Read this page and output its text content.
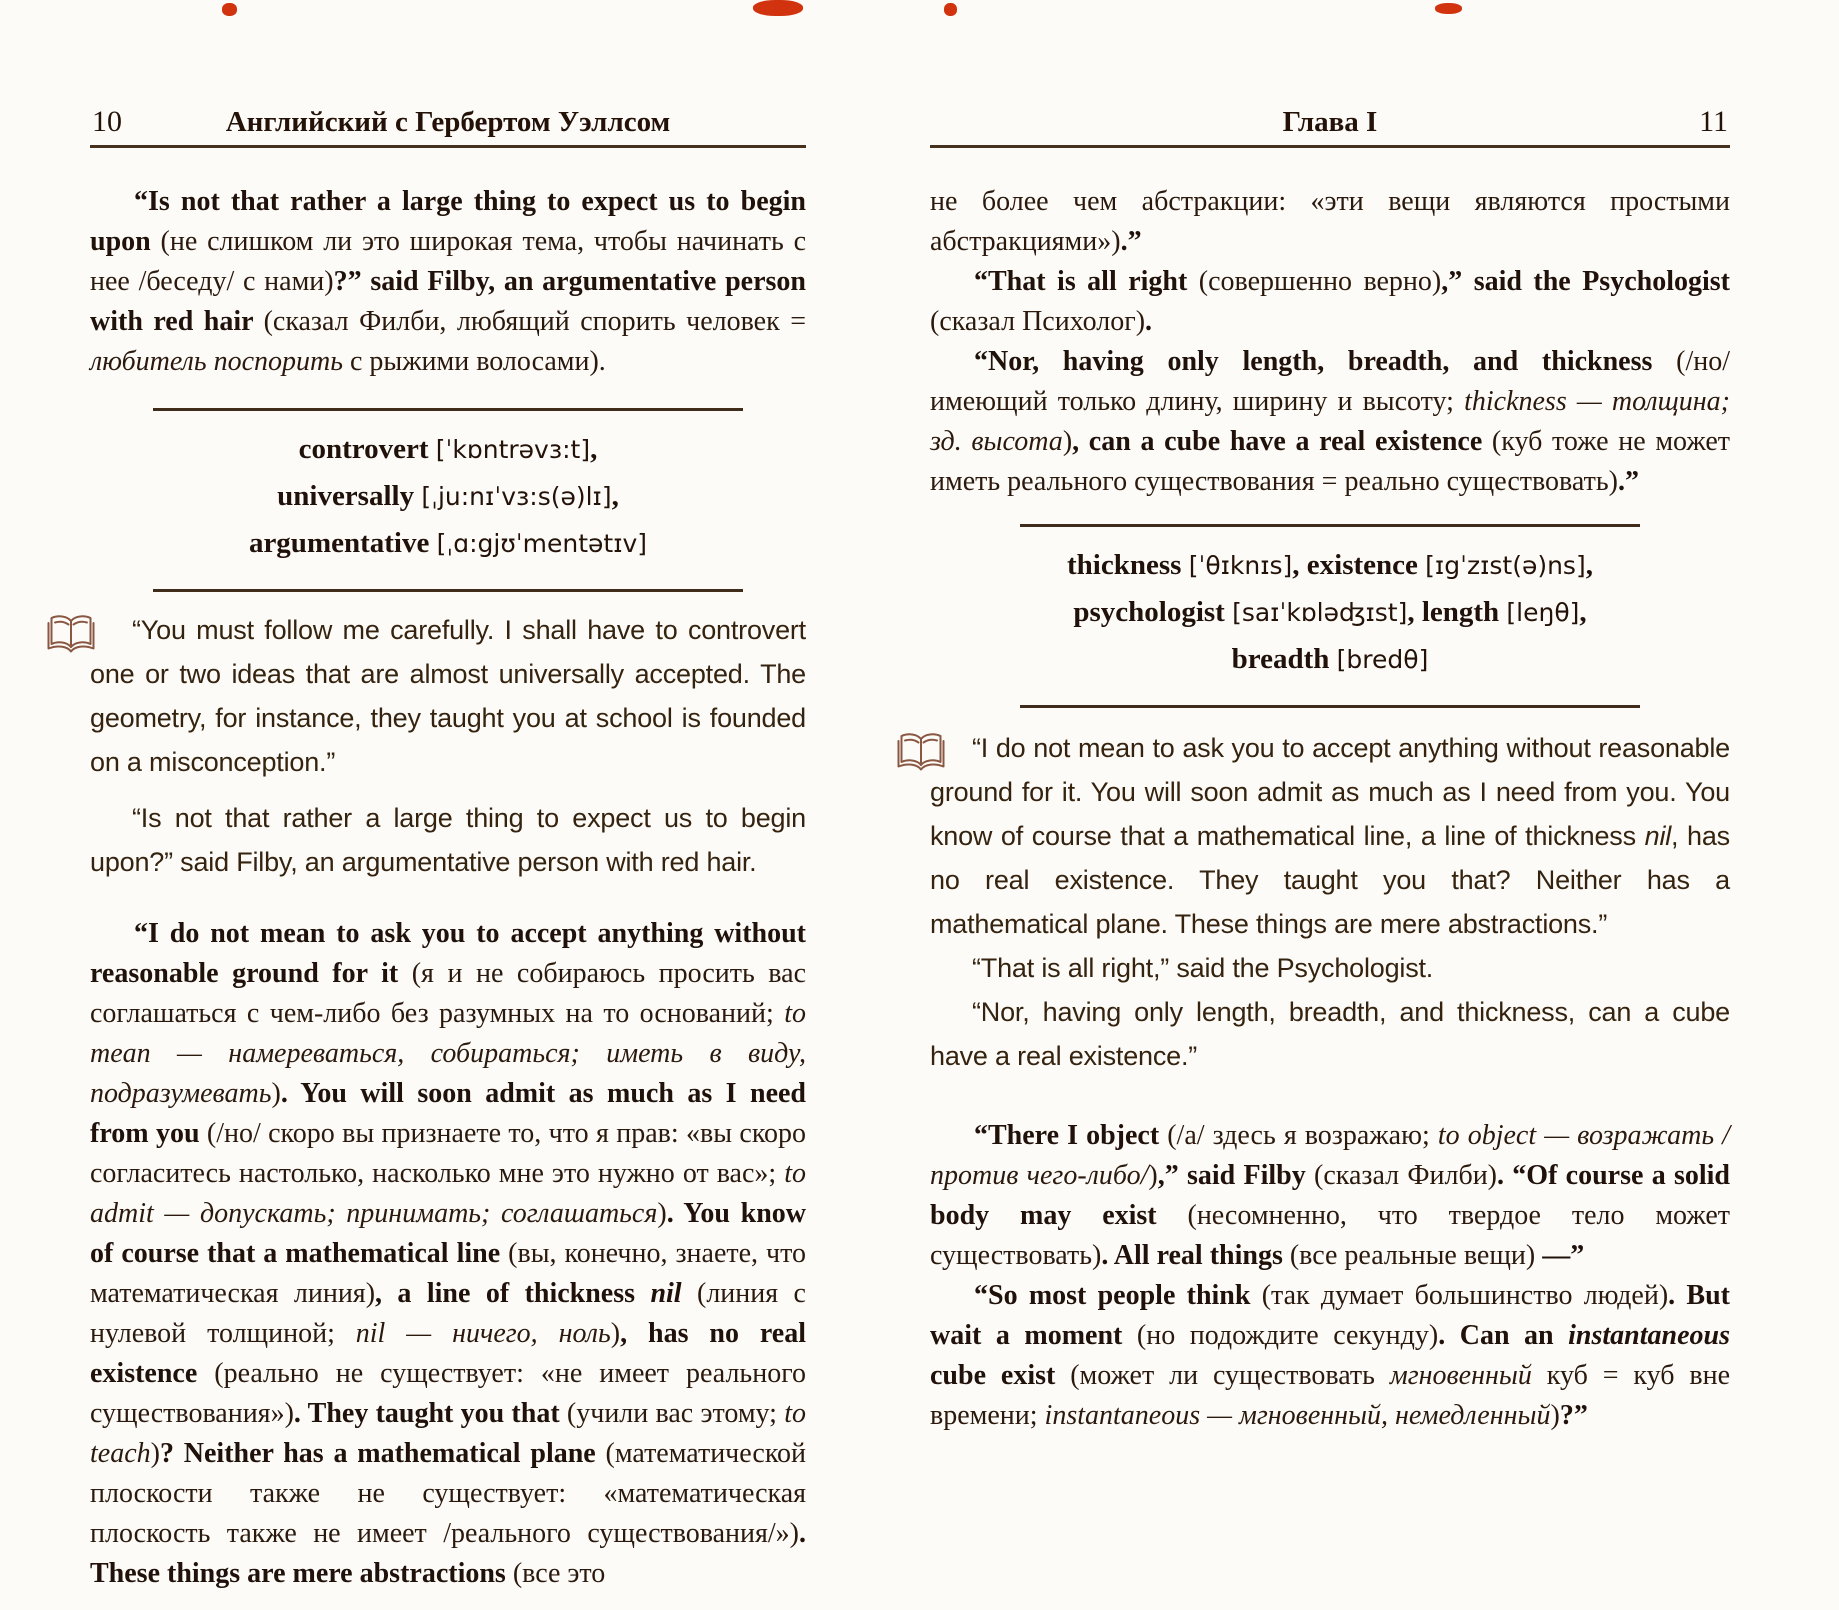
10	Английский с Гербертом Уэллсом
“Is not that rather a large thing to expect us to begin upon (не слишком ли это широкая тема, чтобы начинать с нее /беседу/ с нами)?” said Filby, an argumentative person with red hair (сказал Филби, любящий спорить человек = любитель поспорить с рыжими волосами).
controvert [ˈkɒntrəvɜ:t],
universally [ˌju:nɪˈvɜ:s(ə)lɪ],
argumentative [ˌɑ:gjʊˈmentətɪv]
“You must follow me carefully. I shall have to controvert one or two ideas that are almost universally accepted. The geometry, for instance, they taught you at school is founded on a misconception.”
“Is not that rather a large thing to expect us to begin upon?” said Filby, an argumentative person with red hair.
“I do not mean to ask you to accept anything without reasonable ground for it (я и не собираюсь просить вас соглашаться с чем-либо без разумных на то оснований; to mean — намереваться, собираться; иметь в виду, подразумевать). You will soon admit as much as I need from you (/но/ скоро вы признаете то, что я прав: «вы скоро согласитесь настолько, насколько мне это нужно от вас»; to admit — допускать; принимать; соглашаться). You know of course that a mathematical line (вы, конечно, знаете, что математическая линия), a line of thickness nil (линия с нулевой толщиной; nil — ничего, ноль), has no real existence (реально не существует: «не имеет реального существования»). They taught you that (учили вас этому; to teach)? Neither has a mathematical plane (математической плоскости также не существует: «математическая плоскость также не имеет /реального существования/»). These things are mere abstractions (все это
11
Глава I
не более чем абстракции: «эти вещи являются простыми абстракциями»).”
“That is all right (совершенно верно),” said the Psychologist (сказал Психолог).
“Nor, having only length, breadth, and thickness (/но/ имеющий только длину, ширину и высоту; thickness — толщина; зд. высота), can a cube have a real existence (куб тоже не может иметь реального существования = реально существовать).”
thickness [ˈθɪknɪs], existence [ɪgˈzɪst(ə)ns],
psychologist [saɪˈkɒləʤɪst], length [leŋθ],
breadth [bredθ]
“I do not mean to ask you to accept anything without reasonable ground for it. You will soon admit as much as I need from you. You know of course that a mathematical line, a line of thickness nil, has no real existence. They taught you that? Neither has a mathematical plane. These things are mere abstractions.”
“That is all right,” said the Psychologist.
“Nor, having only length, breadth, and thickness, can a cube have a real existence.”
“There I object (/а/ здесь я возражаю; to object — возражать /против чего-либо/),” said Filby (сказал Филби). “Of course a solid body may exist (несомненно, что твердое тело может существовать). All real things (все реальные вещи) —”
“So most people think (так думает большинство людей). But wait a moment (но подождите секунду). Can an instantaneous cube exist (может ли существовать мгновенный куб = куб вне времени; instantaneous — мгновенный, немедленный)?”
